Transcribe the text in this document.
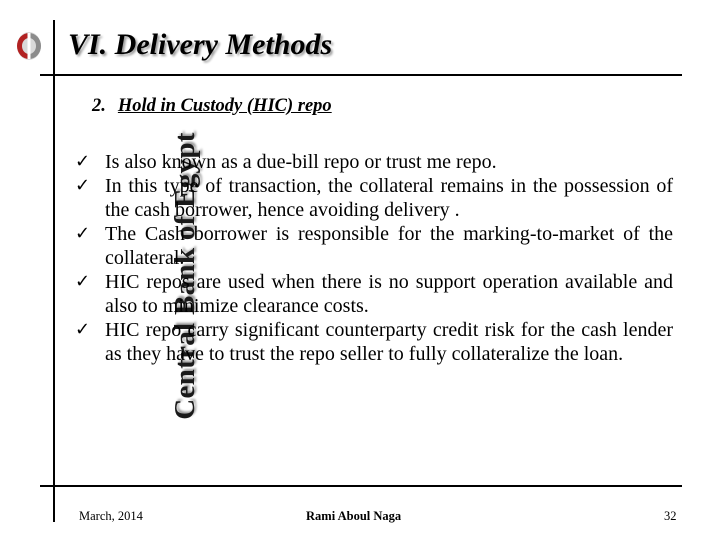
Central Bank of Egypt
VI. Delivery Methods
2. Hold in Custody (HIC) repo
✓ Is also known as a due-bill repo or trust me repo.
✓ In this type of transaction, the collateral remains in the possession of the cash borrower, hence avoiding delivery .
✓ The Cash borrower is responsible for the marking-to-market of the collateral.
✓ HIC repos are used when there is no support operation available and also to minimize clearance costs.
✓ HIC repo carry significant counterparty credit risk for the cash lender as they have to trust the repo seller to fully collateralize the loan.
March, 2014	Rami Aboul Naga	32
